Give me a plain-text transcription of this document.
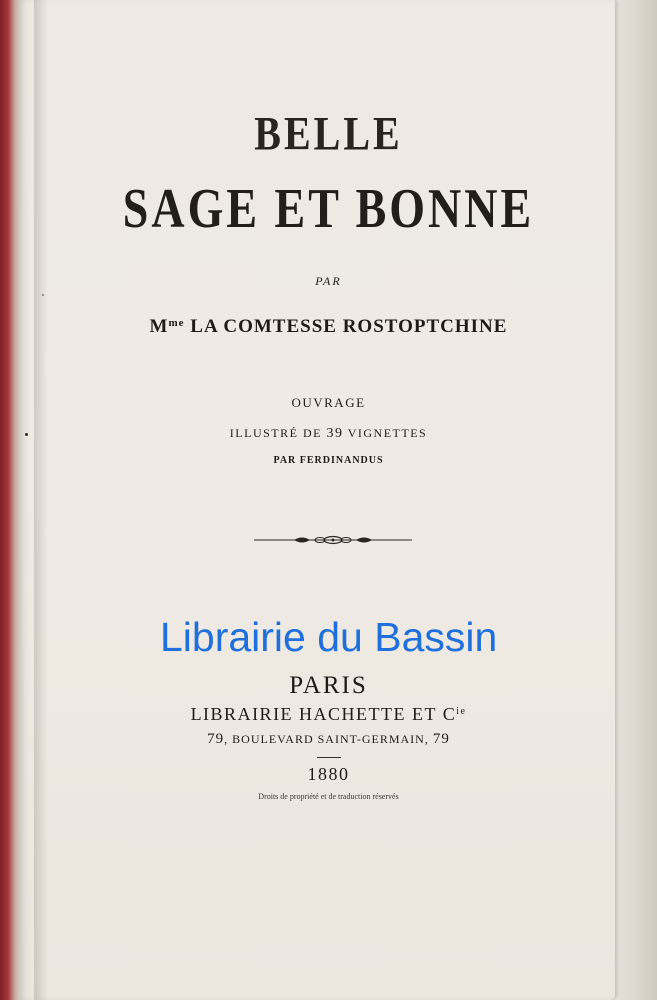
BELLE
SAGE ET BONNE
PAR
$M^{me}$ LA COMTESSE ROSTOPTCHINE
OUVRAGE
ILLUSTRÉ DE 39 VIGNETTES
PAR FERDINANDUS
Librairie du Bassin
PARIS
LIBRAIRIE HACHETTE ET $C^{ie}$
79, BOULEVARD SAINT-GERMAIN, 79
1880
Droits de propriété et de traduction réservés
